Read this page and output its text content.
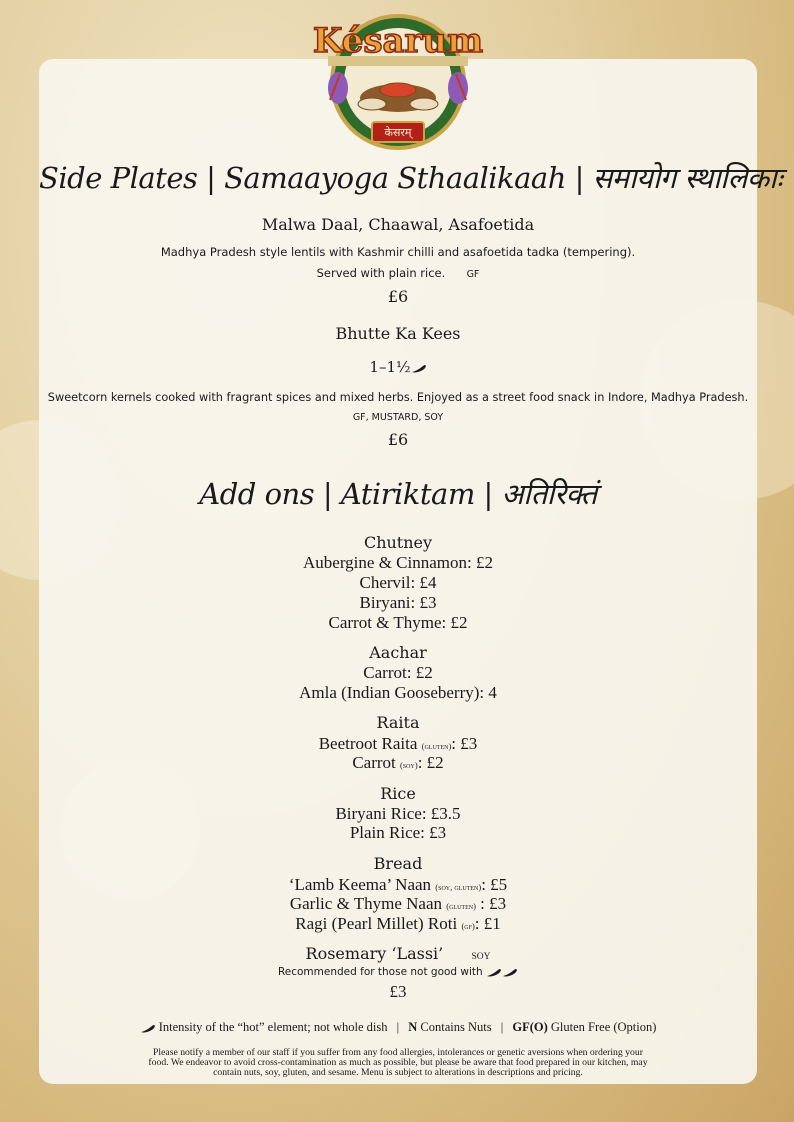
Késarum
केसरम्
Side Plates | Samaayoga Sthaalikaah | समायोग स्थालिकाः
Malwa Daal, Chaawal, Asafoetida
Madhya Pradesh style lentils with Kashmir chilli and asafoetida tadka (tempering).
Served with plain rice. GF
£6
Bhutte Ka Kees
1–1½
Sweetcorn kernels cooked with fragrant spices and mixed herbs. Enjoyed as a street food snack in Indore, Madhya Pradesh.
GF, MUSTARD, SOY
£6
Add ons | Atiriktam | अतिरिक्तं
Chutney
Aubergine & Cinnamon: £2
Chervil: £4
Biryani: £3
Carrot & Thyme: £2
Aachar
Carrot: £2
Amla (Indian Gooseberry): 4
Raita
Beetroot Raita (gluten): £3
Carrot (soy): £2
Rice
Biryani Rice: £3.5
Plain Rice: £3
Bread
‘Lamb Keema’ Naan (soy, gluten): £5
Garlic & Thyme Naan (gluten) : £3
Ragi (Pearl Millet) Roti (gf): £1
Rosemary ‘Lassi’	SOY
Recommended for those not good with
£3
Intensity of the “hot” element; not whole dish | N Contains Nuts | GF(O) Gluten Free (Option)
Please notify a member of our staff if you suffer from any food allergies, intolerances or genetic aversions when ordering your
food. We endeavor to avoid cross-contamination as much as possible, but please be aware that food prepared in our kitchen, may
contain nuts, soy, gluten, and sesame. Menu is subject to alterations in descriptions and pricing.
